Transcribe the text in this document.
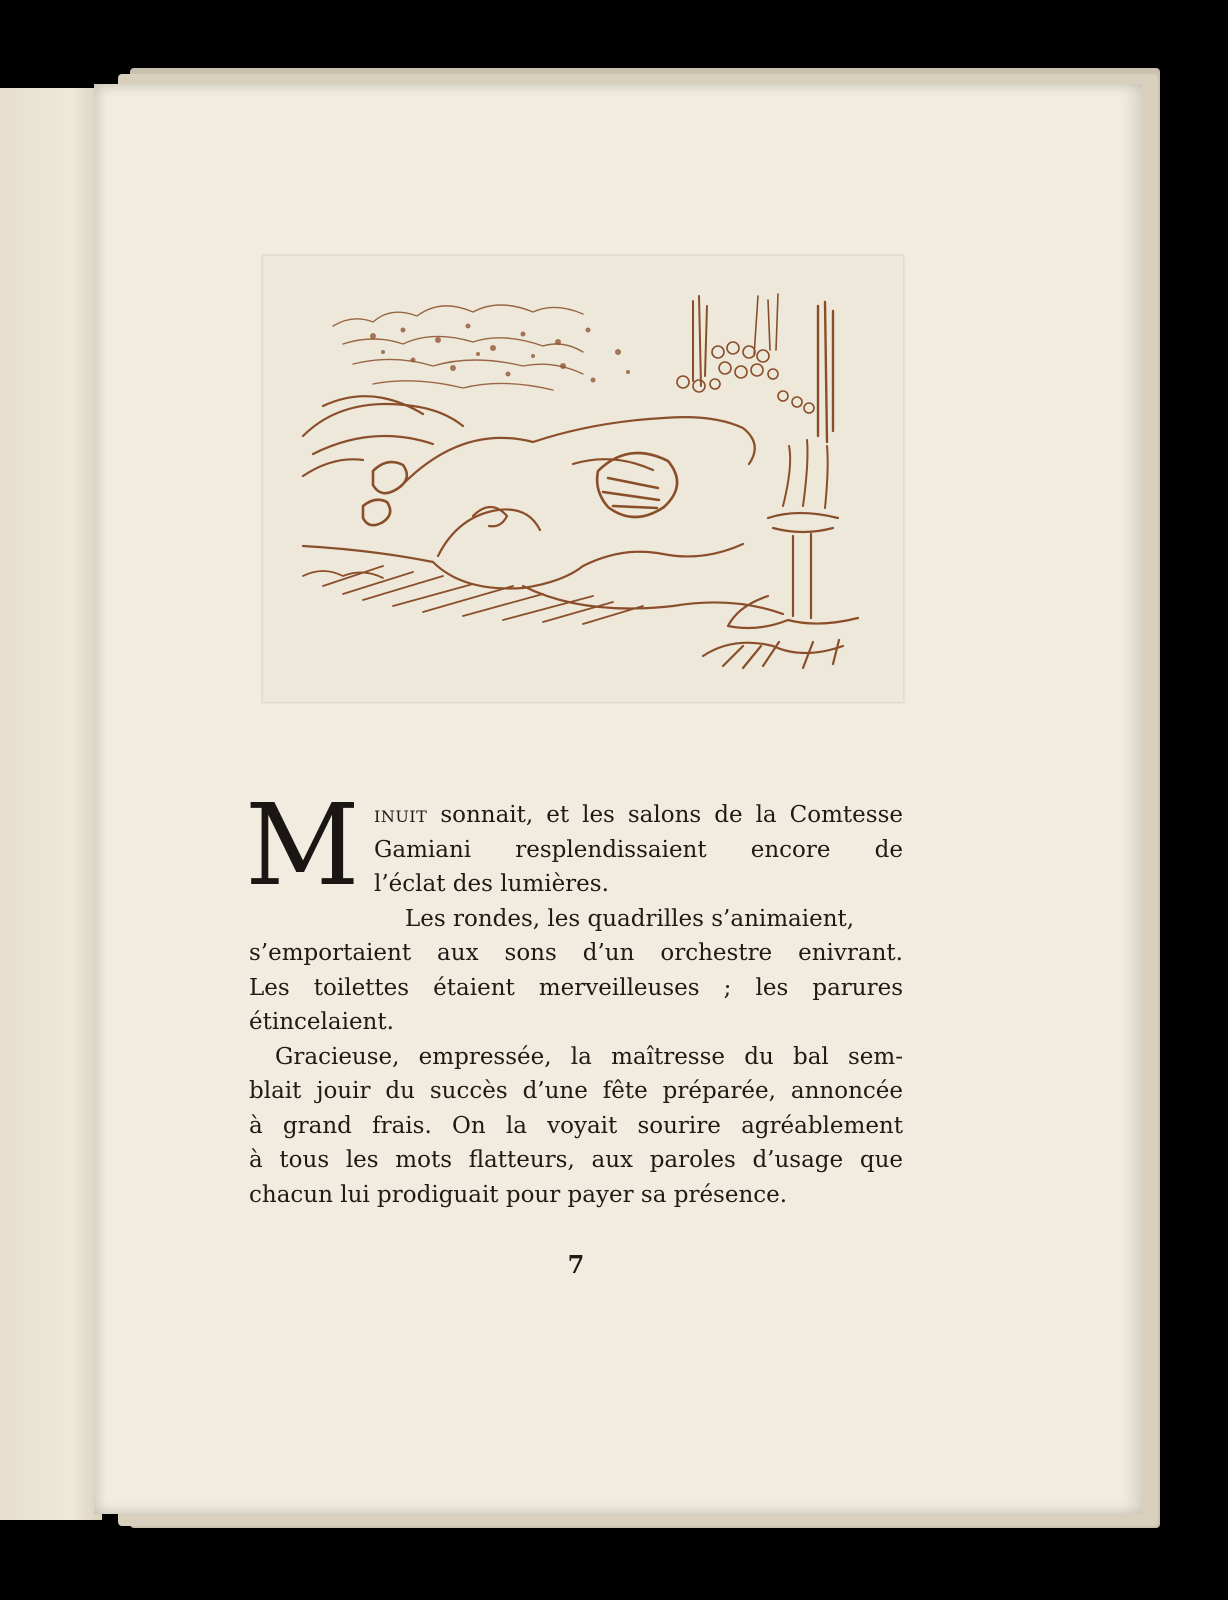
M inuit sonnait, et les salons de la Comtesse
Gamiani resplendissaient encore de
l’éclat des lumières.
Les rondes, les quadrilles s’animaient,
s’emportaient aux sons d’un orchestre enivrant.
Les toilettes étaient merveilleuses ; les parures
étincelaient.
Gracieuse, empressée, la maîtresse du bal sem-
blait jouir du succès d’une fête préparée, annoncée
à grand frais. On la voyait sourire agréablement
à tous les mots flatteurs, aux paroles d’usage que
chacun lui prodiguait pour payer sa présence.
7
